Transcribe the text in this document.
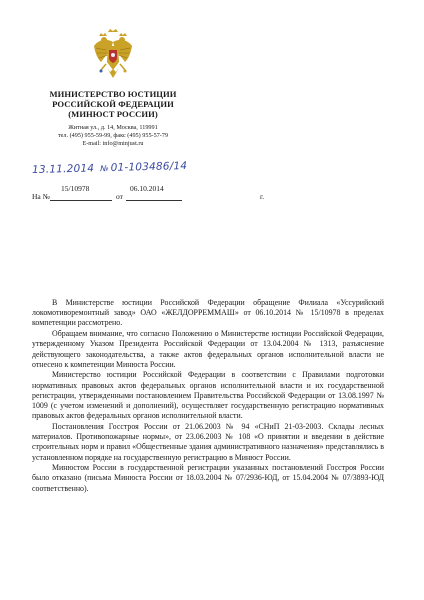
МИНИСТЕРСТВО ЮСТИЦИИ
РОССИЙСКОЙ ФЕДЕРАЦИИ
(МИНЮСТ РОССИИ)
Житная ул., д. 14, Москва, 119991
тел. (495) 955-59-99, факс (495) 955-57-79
E-mail: info@minjust.ru
13.11.2014 № 01-103486/14
На №
15/10978
от
06.10.2014
г.

В Министерстве юстиции Российской Федерации обращение Филиала «Уссурийский локомотиворемонтный завод» ОАО «ЖЕЛДОРРЕММАШ» от 06.10.2014 № 15/10978 в пределах компетенции рассмотрено.

Обращаем внимание, что согласно Положению о Министерстве юстиции Российской Федерации, утвержденному Указом Президента Российской Федерации от 13.04.2004 № 1313, разъяснение действующего законодательства, а также актов федеральных органов исполнительной власти не отнесено к компетенции Минюста России.

Министерство юстиции Российской Федерации в соответствии с Правилами подготовки нормативных правовых актов федеральных органов исполнительной власти и их государственной регистрации, утвержденными постановлением Правительства Российской Федерации от 13.08.1997 № 1009 (с учетом изменений и дополнений), осуществляет государственную регистрацию нормативных правовых актов федеральных органов исполнительной власти.

Постановления Госстроя России от 21.06.2003 № 94 «СНиП 21-03-2003. Склады лесных материалов. Противопожарные нормы», от 23.06.2003 № 108 «О принятии и введении в действие строительных норм и правил «Общественные здания административного назначения» представлялись в установленном порядке на государственную регистрацию в Минюст России.

Минюстом России в государственной регистрации указанных постановлений Госстроя России было отказано (письма Минюста России от 18.03.2004 № 07/2936-ЮД, от 15.04.2004 № 07/3893-ЮД соответственно).
